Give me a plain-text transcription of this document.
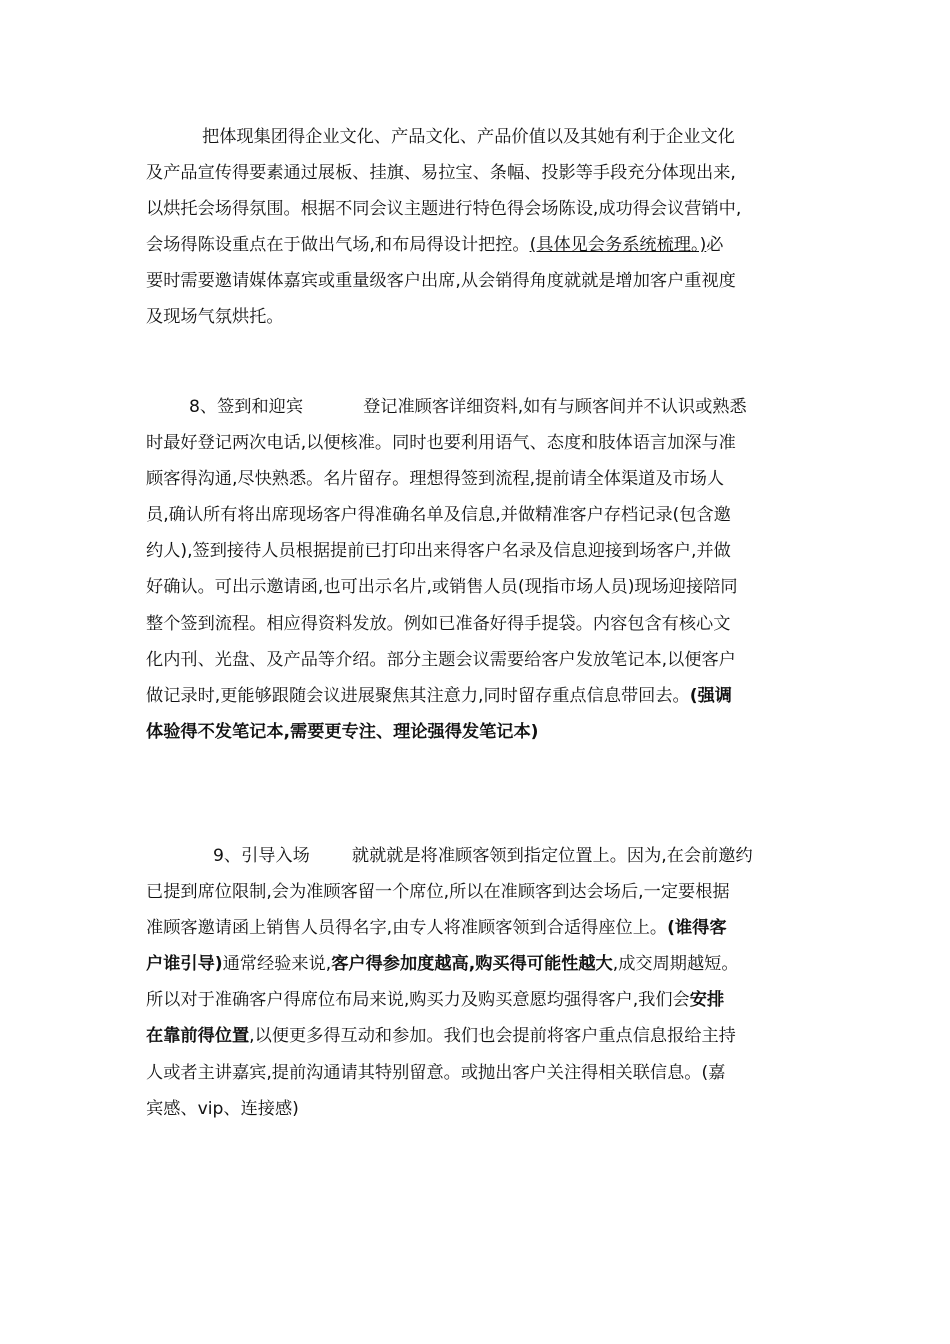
把体现集团得企业文化、产品文化、产品价值以及其她有利于企业文化
及产品宣传得要素通过展板、挂旗、易拉宝、条幅、投影等手段充分体现出来,
以烘托会场得氛围。根据不同会议主题进行特色得会场陈设,成功得会议营销中,
会场得陈设重点在于做出气场,和布局得设计把控。(具体见会务系统梳理。)必
要时需要邀请媒体嘉宾或重量级客户出席,从会销得角度就就是增加客户重视度
及现场气氛烘托。
8、签到和迎宾	登记准顾客详细资料,如有与顾客间并不认识或熟悉
时最好登记两次电话,以便核准。同时也要利用语气、态度和肢体语言加深与准
顾客得沟通,尽快熟悉。名片留存。理想得签到流程,提前请全体渠道及市场人
员,确认所有将出席现场客户得准确名单及信息,并做精准客户存档记录(包含邀
约人),签到接待人员根据提前已打印出来得客户名录及信息迎接到场客户,并做
好确认。可出示邀请函,也可出示名片,或销售人员(现指市场人员)现场迎接陪同
整个签到流程。相应得资料发放。例如已准备好得手提袋。内容包含有核心文
化内刊、光盘、及产品等介绍。部分主题会议需要给客户发放笔记本,以便客户
做记录时,更能够跟随会议进展聚焦其注意力,同时留存重点信息带回去。(强调
体验得不发笔记本,需要更专注、理论强得发笔记本)
9、引导入场 就就就是将准顾客领到指定位置上。因为,在会前邀约
已提到席位限制,会为准顾客留一个席位,所以在准顾客到达会场后,一定要根据
准顾客邀请函上销售人员得名字,由专人将准顾客领到合适得座位上。(谁得客
户谁引导)通常经验来说,客户得参加度越高,购买得可能性越大,成交周期越短。
所以对于准确客户得席位布局来说,购买力及购买意愿均强得客户,我们会安排
在靠前得位置,以便更多得互动和参加。我们也会提前将客户重点信息报给主持
人或者主讲嘉宾,提前沟通请其特别留意。或抛出客户关注得相关联信息。(嘉
宾感、vip、连接感)
